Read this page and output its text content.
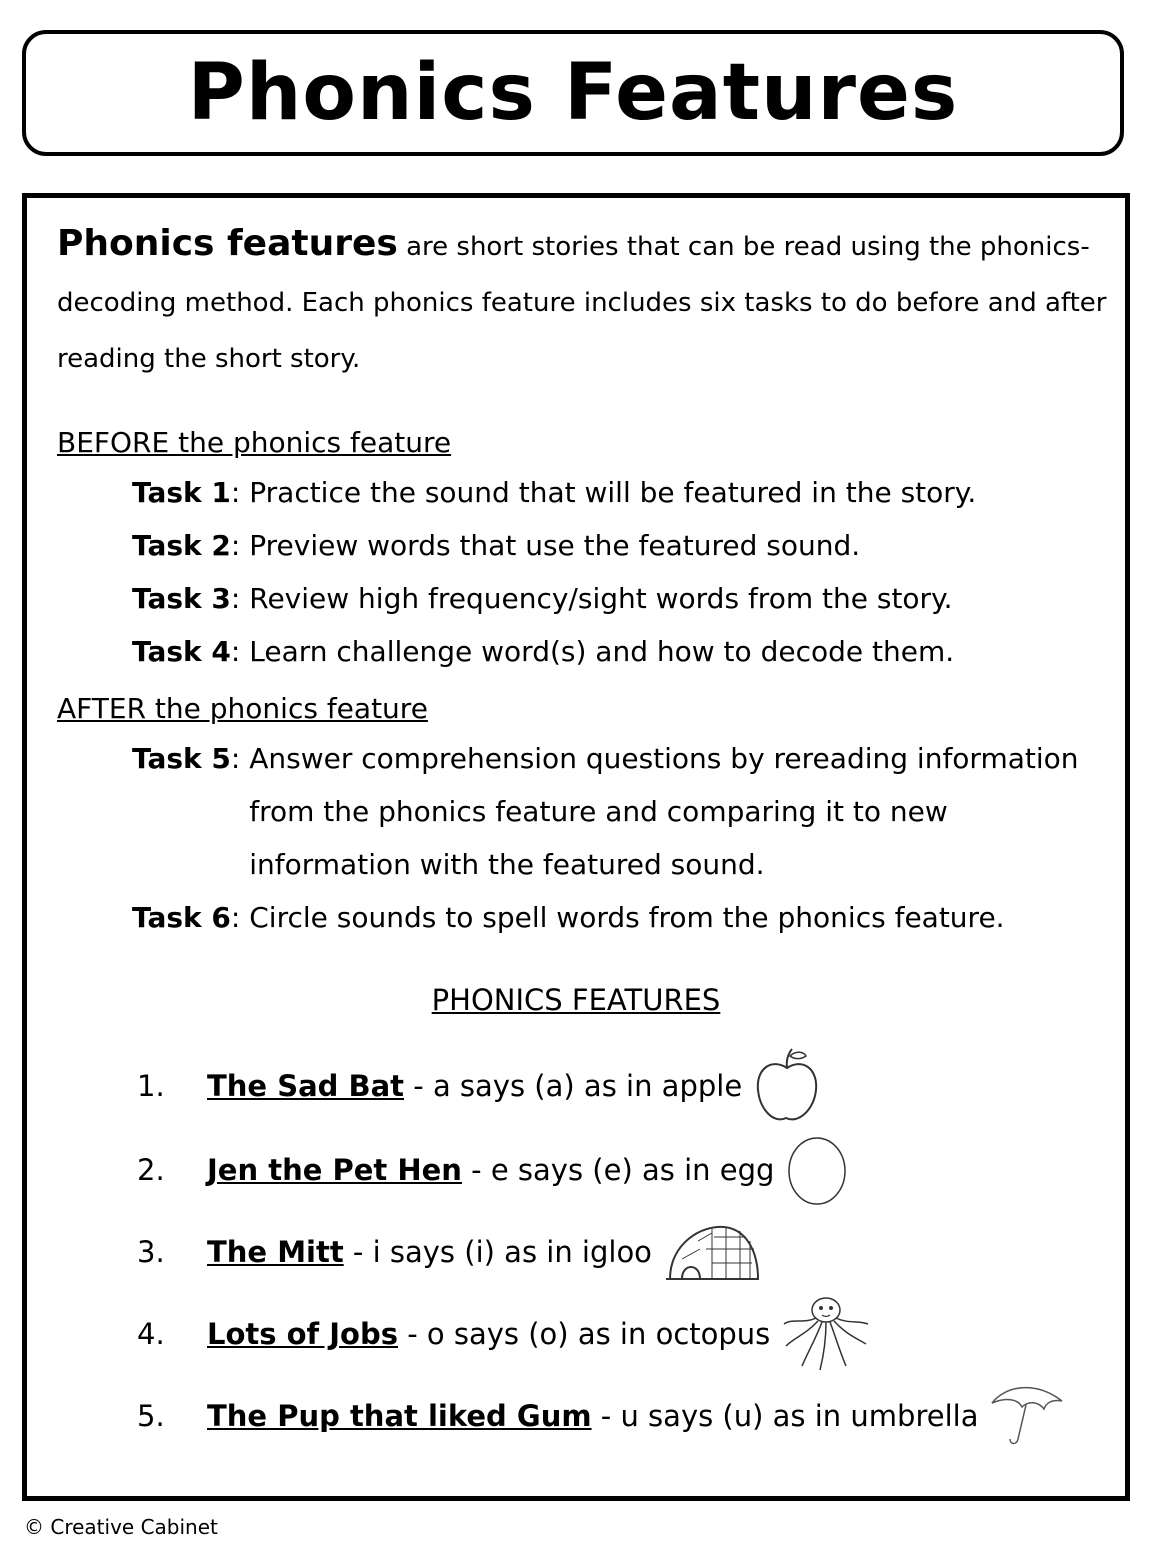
Phonics Features

Phonics features are short stories that can be read using the phonics-decoding method. Each phonics feature includes six tasks to do before and after reading the short story.

BEFORE the phonics feature

Task 1 : Practice the sound that will be featured in the story.
Task 2 : Preview words that use the featured sound.
Task 3 : Review high frequency/sight words from the story.
Task 4 : Learn challenge word(s) and how to decode them.

AFTER the phonics feature

Task 5 : Answer comprehension questions by rereading information from the phonics feature and comparing it to new information with the featured sound.
Task 6 : Circle sounds to spell words from the phonics feature.

PHONICS FEATURES

1.	The Sad Bat - a says (a) as in apple
2.	Jen the Pet Hen - e says (e) as in egg
3.	The Mitt - i says (i) as in igloo
4.	Lots of Jobs - o says (o) as in octopus
5.	The Pup that liked Gum - u says (u) as in umbrella

© Creative Cabinet
